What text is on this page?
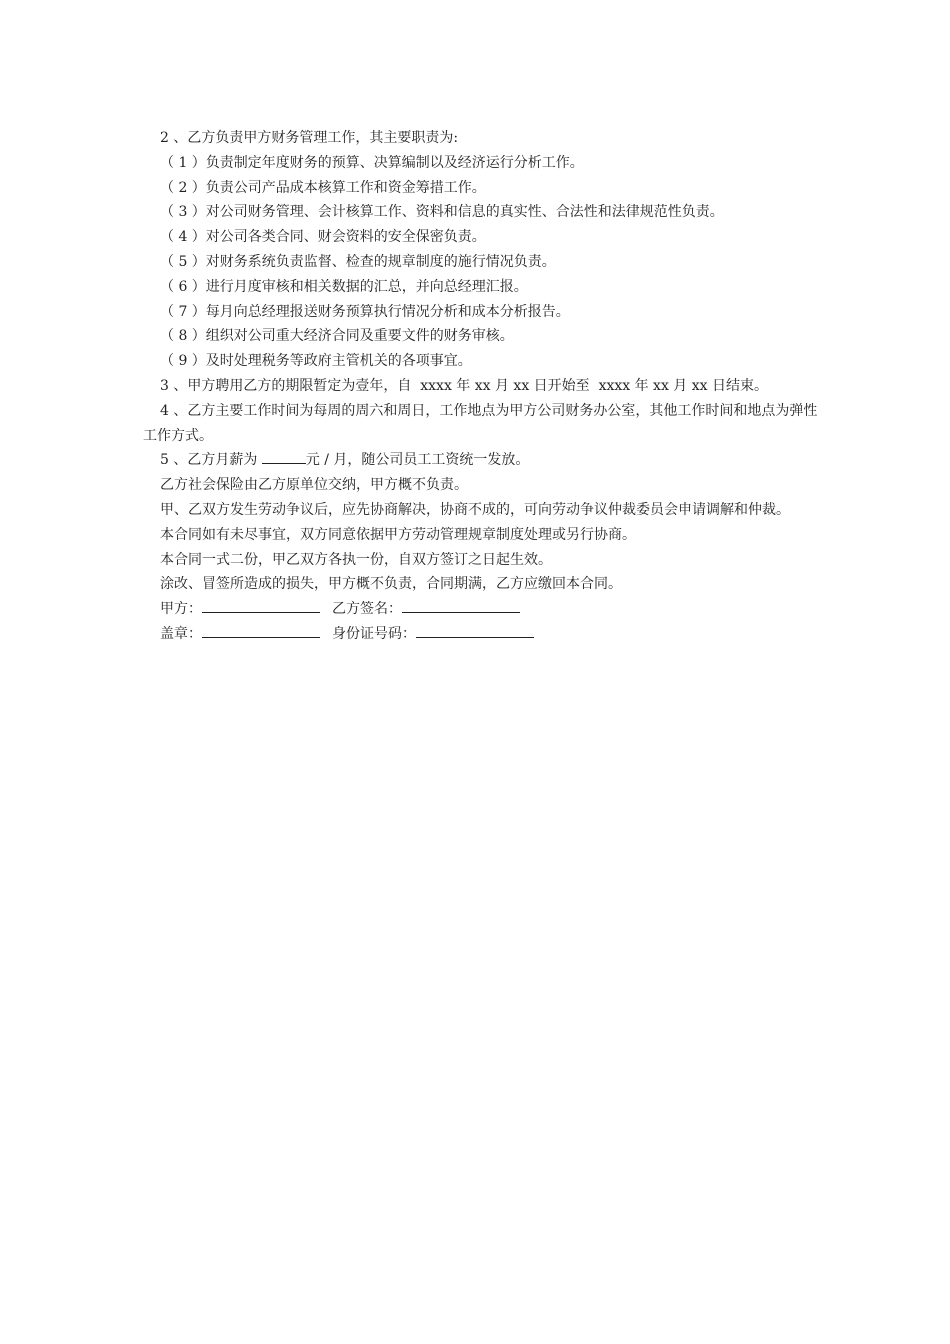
2 、乙方负责甲方财务管理工作，其主要职责为:
（ 1 ）负责制定年度财务的预算、决算编制以及经济运行分析工作。
（ 2 ）负责公司产品成本核算工作和资金筹措工作。
（ 3 ）对公司财务管理、会计核算工作、资料和信息的真实性、合法性和法律规范性负责。
（ 4 ）对公司各类合同、财会资料的安全保密负责。
（ 5 ）对财务系统负责监督、检查的规章制度的施行情况负责。
（ 6 ）进行月度审核和相关数据的汇总，并向总经理汇报。
（ 7 ）每月向总经理报送财务预算执行情况分析和成本分析报告。
（ 8 ）组织对公司重大经济合同及重要文件的财务审核。
（ 9 ）及时处理税务等政府主管机关的各项事宜。
3 、甲方聘用乙方的期限暂定为壹年，自  xxxx 年 xx 月 xx 日开始至  xxxx 年 xx 月 xx 日结束。
4 、乙方主要工作时间为每周的周六和周日，工作地点为甲方公司财务办公室，其他工作时间和地点为弹性工作方式。
5 、乙方月薪为	元 / 月，随公司员工工资统一发放。
乙方社会保险由乙方原单位交纳，甲方概不负责。
甲、乙双方发生劳动争议后，应先协商解决，协商不成的，可向劳动争议仲裁委员会申请调解和仲裁。
本合同如有未尽事宜，双方同意依据甲方劳动管理规章制度处理或另行协商。
本合同一式二份，甲乙双方各执一份，自双方签订之日起生效。
涂改、冒签所造成的损失，甲方概不负责，合同期满，乙方应缴回本合同。
甲方：	乙方签名：
盖章：	身份证号码：
